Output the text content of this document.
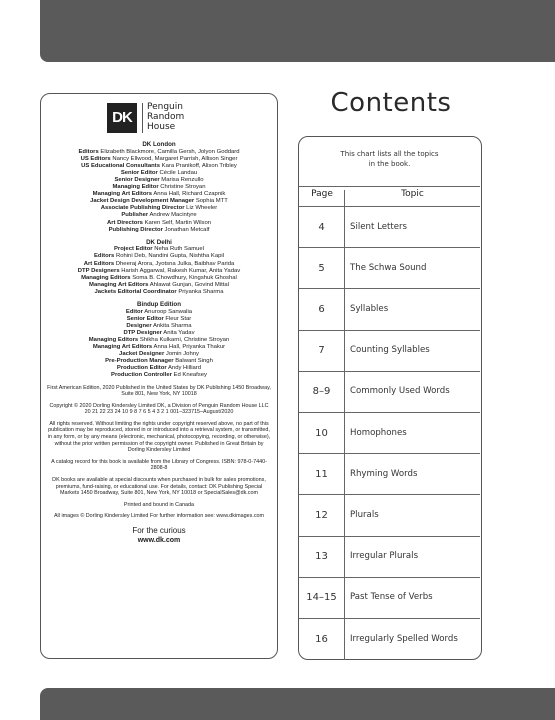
DK
Penguin
Random
House
DK London
Editors Elizabeth Blackmore, Camilla Gersh, Jolyon Goddard
US Editors Nancy Ellwood, Margaret Parrish, Allison Singer
US Educational Consultants Kara Pranikoff, Alison Tribley
Senior Editor Cécile Landau
Senior Designer Marisa Renzullo
Managing Editor Christine Stroyan
Managing Art Editors Anna Hall, Richard Czapnik
Jacket Design Development Manager Sophia MTT
Associate Publishing Director Liz Wheeler
Publisher Andrew Macintyre
Art Directors Karen Self, Martin Wilson
Publishing Director Jonathan Metcalf
DK Delhi
Project Editor Neha Ruth Samuel
Editors Rohini Deb, Nandini Gupta, Nishtha Kapil
Art Editors Dheeraj Arora, Jyotsna Julka, Baibhav Parida
DTP Designers Harish Aggarwal, Rakesh Kumar, Anita Yadav
Managing Editors Soma B. Chowdhury, Kingshuk Ghoshal
Managing Art Editors Ahlawat Gunjan, Govind Mittal
Jackets Editorial Coordinator Priyanka Sharma
Bindup Edition
Editor Anuroop Sanwalia
Senior Editor Fleur Star
Designer Ankita Sharma
DTP Designer Anita Yadav
Managing Editors Shikha Kulkarni, Christine Stroyan
Managing Art Editors Anna Hall, Priyanka Thakur
Jacket Designer Jomin Johny
Pre-Production Manager Balwant Singh
Production Editor Andy Hilliard
Production Controller Ed Kneafsey
First American Edition, 2020 Published in the United States by DK Publishing 1450 Broadway, Suite 801, New York, NY 10018
Copyright © 2020 Dorling Kindersley Limited DK, a Division of Penguin Random House LLC 20 21 22 23 24 10 9 8 7 6 5 4 3 2 1 001–323715–August/2020
All rights reserved. Without limiting the rights under copyright reserved above, no part of this publication may be reproduced, stored in or introduced into a retrieval system, or transmitted, in any form, or by any means (electronic, mechanical, photocopying, recording, or otherwise), without the prior written permission of the copyright owner. Published in Great Britain by Dorling Kindersley Limited
A catalog record for this book is available from the Library of Congress. ISBN: 978-0-7440-2808-8
DK books are available at special discounts when purchased in bulk for sales promotions, premiums, fund-raising, or educational use. For details, contact: DK Publishing Special Markets 1450 Broadway, Suite 801, New York, NY 10018 or SpecialSales@dk.com
Printed and bound in Canada
All images © Dorling Kindersley Limited For further information see: www.dkimages.com
For the curious
www.dk.com
Contents
This chart lists all the topics
in the book.
Page	Topic
4	Silent Letters
5	The Schwa Sound
6	Syllables
7	Counting Syllables
8–9	Commonly Used Words
10	Homophones
11	Rhyming Words
12	Plurals
13	Irregular Plurals
14–15	Past Tense of Verbs
16	Irregularly Spelled Words
